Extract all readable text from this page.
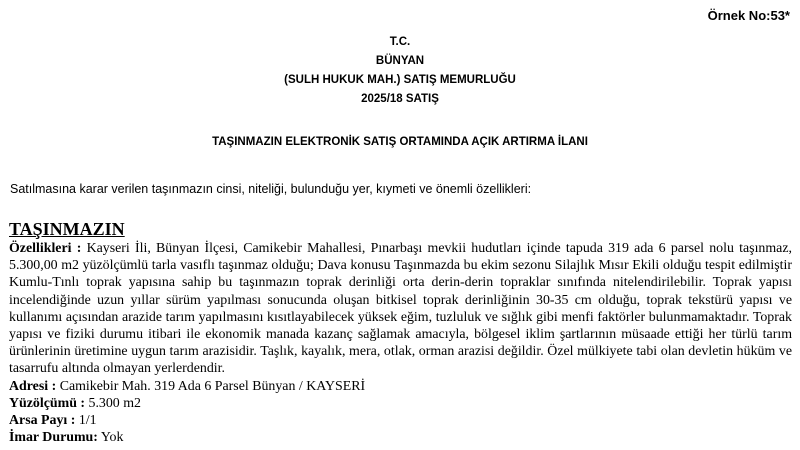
Örnek No:53*
T.C.
BÜNYAN
(SULH HUKUK MAH.) SATIŞ MEMURLUĞU
2025/18 SATIŞ
TAŞINMAZIN ELEKTRONİK SATIŞ ORTAMINDA AÇIK ARTIRMA İLANI
Satılmasına karar verilen taşınmazın cinsi, niteliği, bulunduğu yer, kıymeti ve önemli özellikleri:
TAŞINMAZIN

Özellikleri : Kayseri İli, Bünyan İlçesi, Camikebir Mahallesi, Pınarbaşı mevkii hudutları içinde tapuda 319 ada 6 parsel nolu taşınmaz, 5.300,00 m2 yüzölçümlü tarla vasıflı taşınmaz olduğu; Dava konusu Taşınmazda bu ekim sezonu Silajlık Mısır Ekili olduğu tespit edilmiştir Kumlu-Tınlı toprak yapısına sahip bu taşınmazın toprak derinliği orta derin-derin topraklar sınıfında nitelendirilebilir. Toprak yapısı incelendiğinde uzun yıllar sürüm yapılması sonucunda oluşan bitkisel toprak derinliğinin 30-35 cm olduğu, toprak tekstürü yapısı ve kullanımı açısından arazide tarım yapılmasını kısıtlayabilecek yüksek eğim, tuzluluk ve sığlık gibi menfi faktörler bulunmamaktadır. Toprak yapısı ve fiziki durumu itibari ile ekonomik manada kazanç sağlamak amacıyla, bölgesel iklim şartlarının müsaade ettiği her türlü tarım ürünlerinin üretimine uygun tarım arazisidir. Taşlık, kayalık, mera, otlak, orman arazisi değildir. Özel mülkiyete tabi olan devletin hüküm ve tasarrufu altında olmayan yerlerdendir.

Adresi : Camikebir Mah. 319 Ada 6 Parsel Bünyan / KAYSERİ

Yüzölçümü : 5.300 m2

Arsa Payı : 1/1

İmar Durumu: Yok
